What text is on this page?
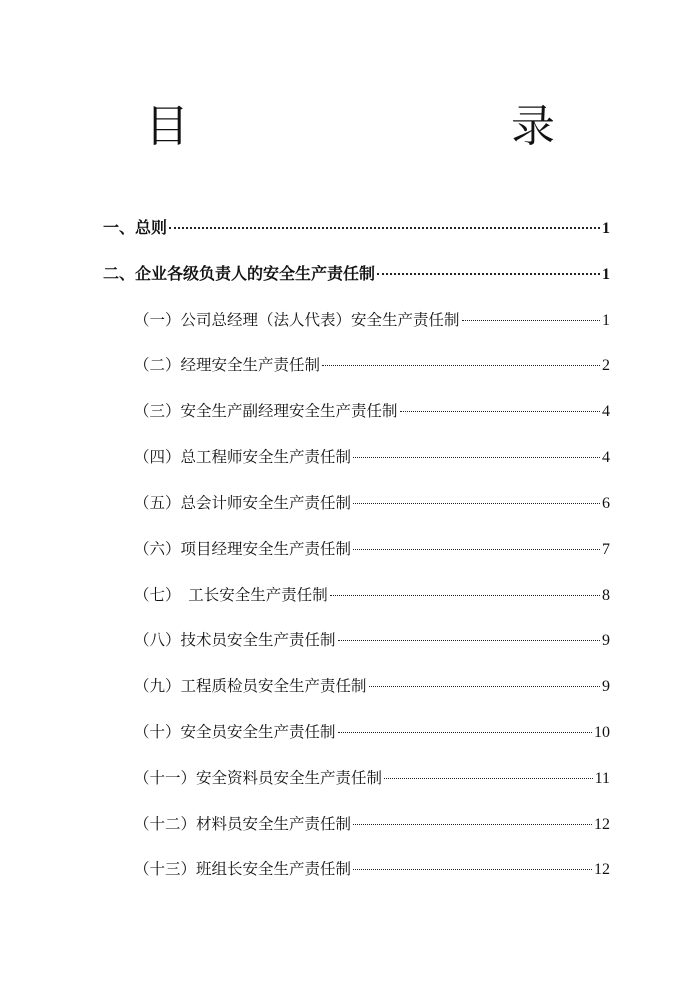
目　　录
一、总则	1
二、企业各级负责人的安全生产责任制	1
（一）公司总经理（法人代表）安全生产责任制	1
（二）经理安全生产责任制	2
（三）安全生产副经理安全生产责任制	4
（四）总工程师安全生产责任制	4
（五）总会计师安全生产责任制	6
（六）项目经理安全生产责任制	7
（七）　工长安全生产责任制	8
（八）技术员安全生产责任制	9
（九）工程质检员安全生产责任制	9
（十）安全员安全生产责任制	10
（十一）安全资料员安全生产责任制	11
（十二）材料员安全生产责任制	12
（十三）班组长安全生产责任制	12
